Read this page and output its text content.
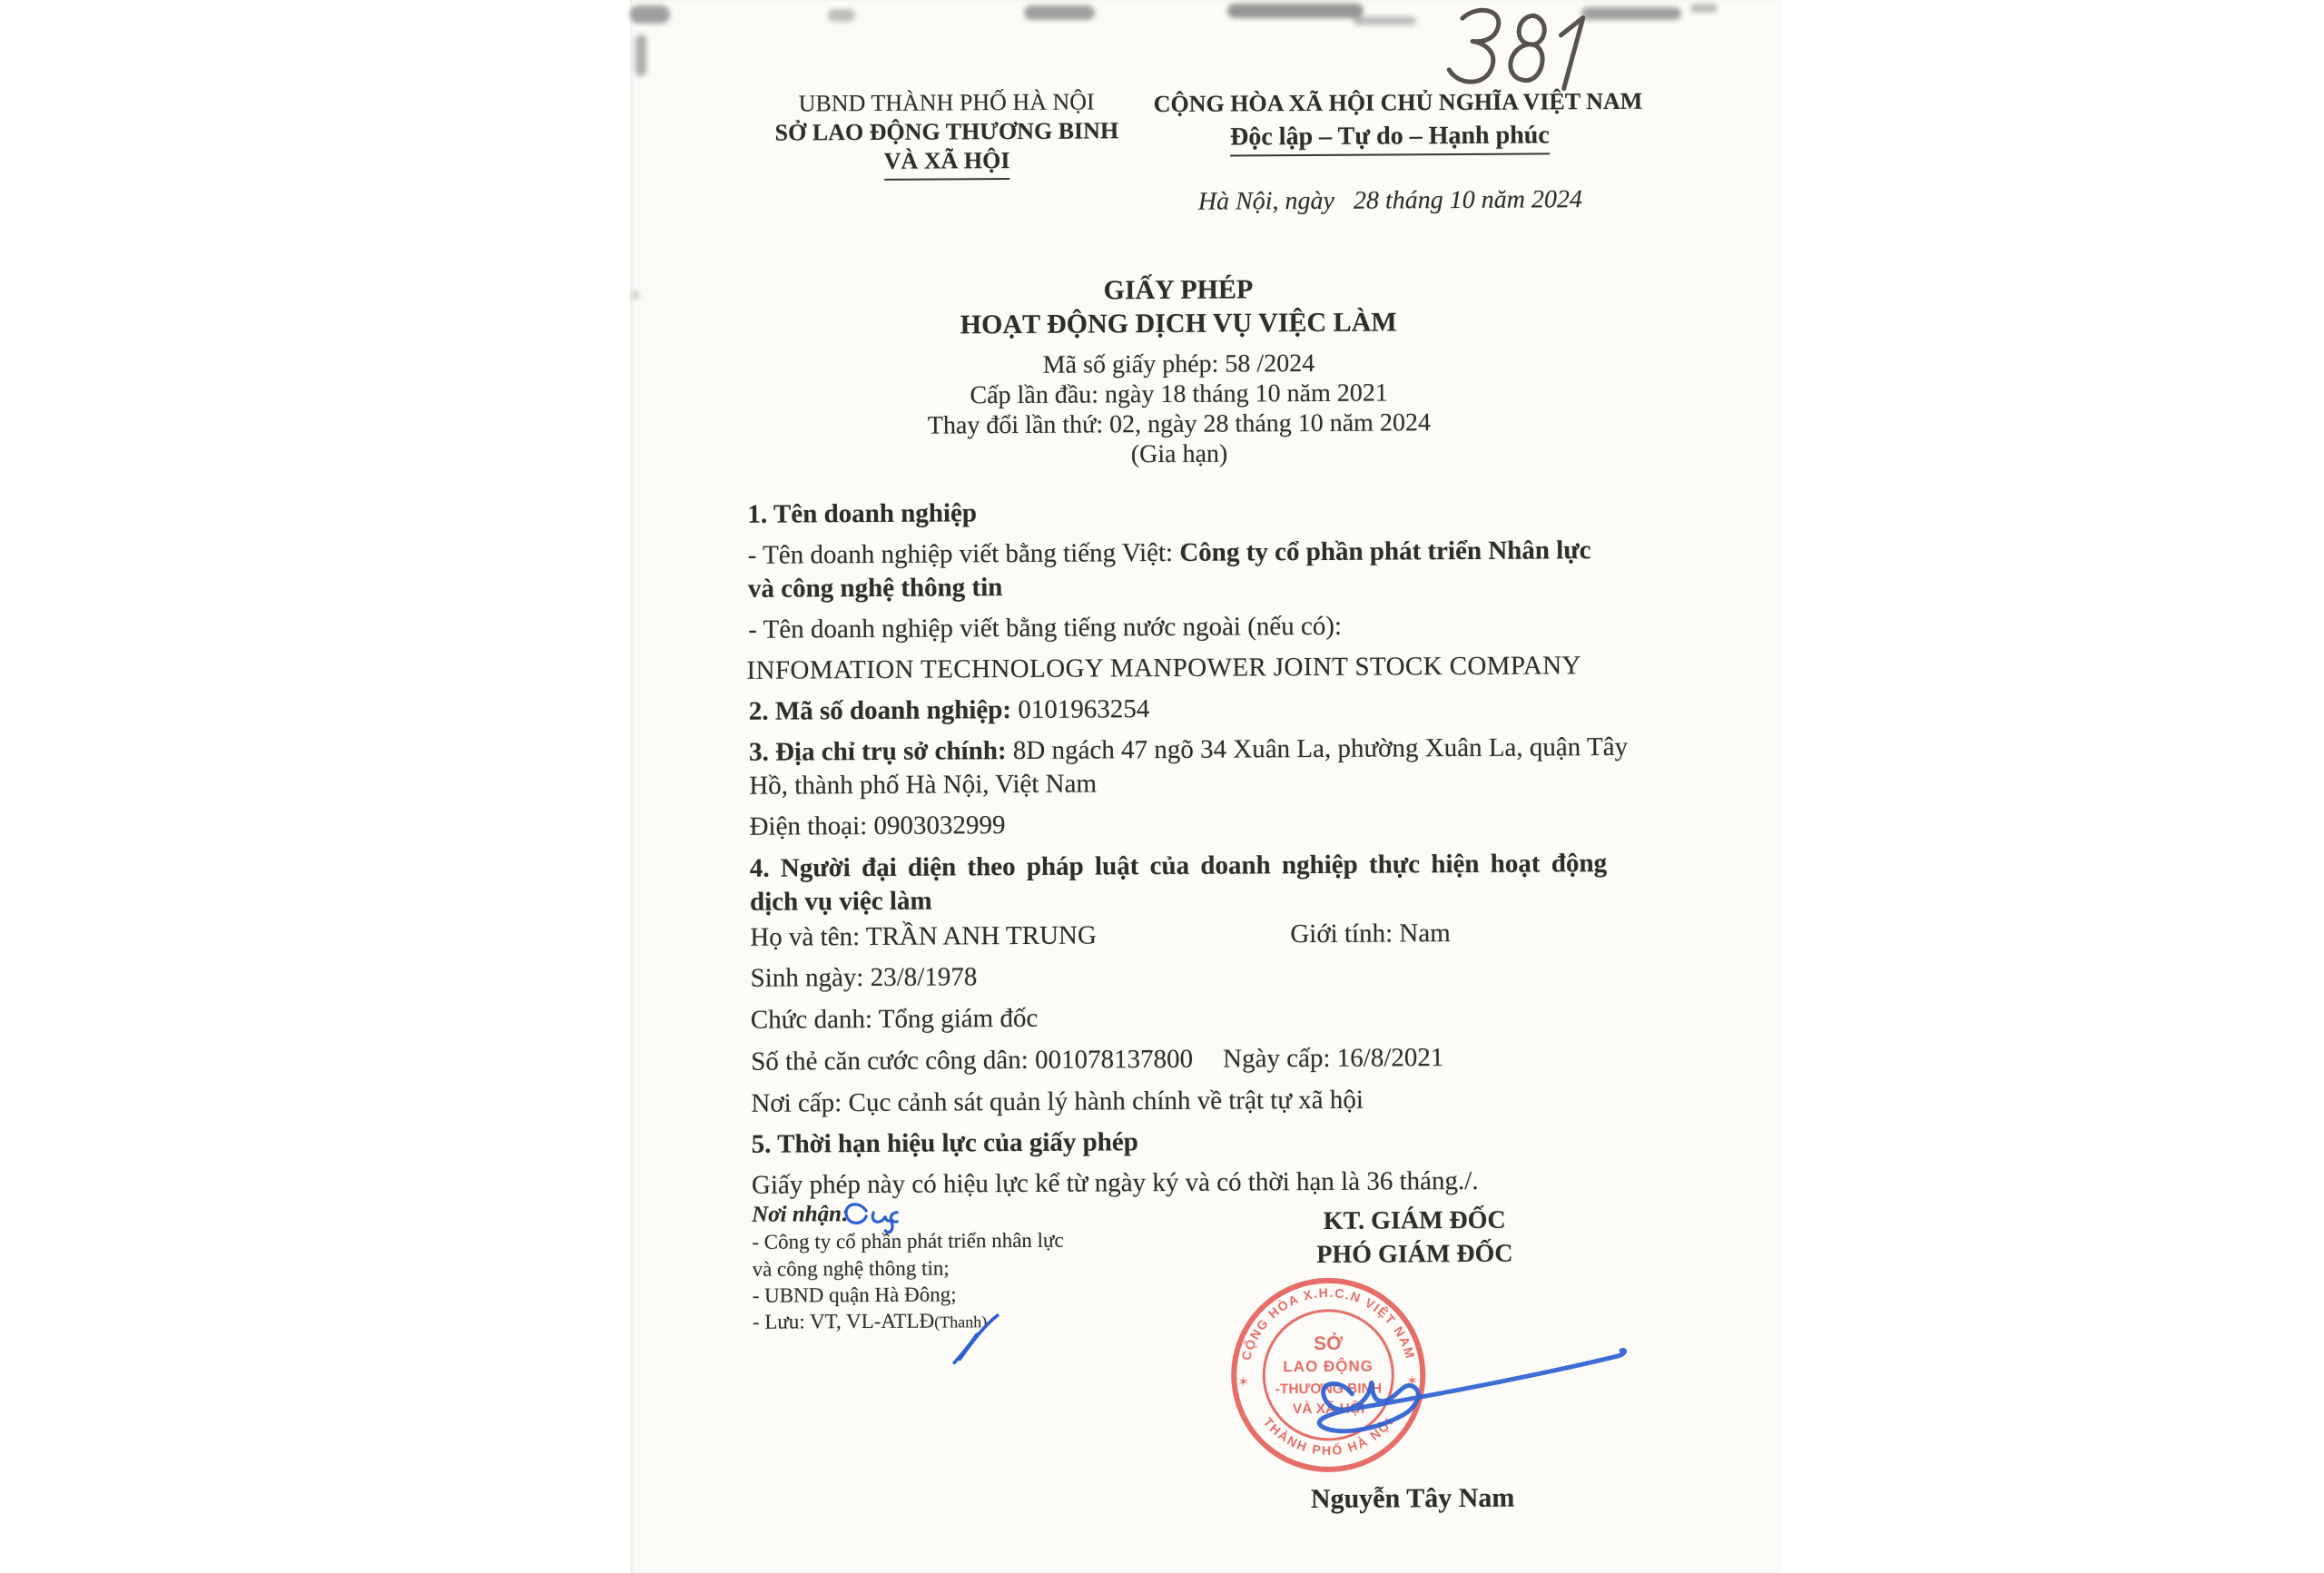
UBND THÀNH PHỐ HÀ NỘI
SỞ LAO ĐỘNG THƯƠNG BINH
VÀ XÃ HỘI
CỘNG HÒA XÃ HỘI CHỦ NGHĨA VIỆT NAM
Độc lập – Tự do – Hạnh phúc
Hà Nội, ngày   28 tháng 10 năm 2024
GIẤY PHÉP
HOẠT ĐỘNG DỊCH VỤ VIỆC LÀM
Mã số giấy phép: 58 /2024
Cấp lần đầu: ngày 18 tháng 10 năm 2021
Thay đổi lần thứ: 02, ngày 28 tháng 10 năm 2024
(Gia hạn)
1. Tên doanh nghiệp
- Tên doanh nghiệp viết bằng tiếng Việt: Công ty cổ phần phát triển Nhân lực
và công nghệ thông tin
- Tên doanh nghiệp viết bằng tiếng nước ngoài (nếu có):
INFOMATION TECHNOLOGY MANPOWER JOINT STOCK COMPANY
2. Mã số doanh nghiệp: 0101963254
3. Địa chỉ trụ sở chính: 8D ngách 47 ngõ 34 Xuân La, phường Xuân La, quận Tây
Hồ, thành phố Hà Nội, Việt Nam
Điện thoại: 0903032999
4. Người đại diện theo pháp luật của doanh nghiệp thực hiện hoạt động
dịch vụ việc làm
Họ và tên: TRẦN ANH TRUNG	Giới tính: Nam
Sinh ngày: 23/8/1978
Chức danh: Tổng giám đốc
Số thẻ căn cước công dân: 001078137800 Ngày cấp: 16/8/2021
Nơi cấp: Cục cảnh sát quản lý hành chính về trật tự xã hội
5. Thời hạn hiệu lực của giấy phép
Giấy phép này có hiệu lực kể từ ngày ký và có thời hạn là 36 tháng./.
Nơi nhận:
- Công ty cổ phần phát triển nhân lực
và công nghệ thông tin;
- UBND quận Hà Đông;
- Lưu: VT, VL-ATLĐ(Thanh)
KT. GIÁM ĐỐC
PHÓ GIÁM ĐỐC
CỘNG HÒA X.H.C.N VIỆT NAM
THÀNH PHỐ HÀ NỘI
✶	✶
SỞ
LAO ĐỘNG
-THƯƠNG BINH
VÀ XÃ HỘI
Nguyễn Tây Nam
